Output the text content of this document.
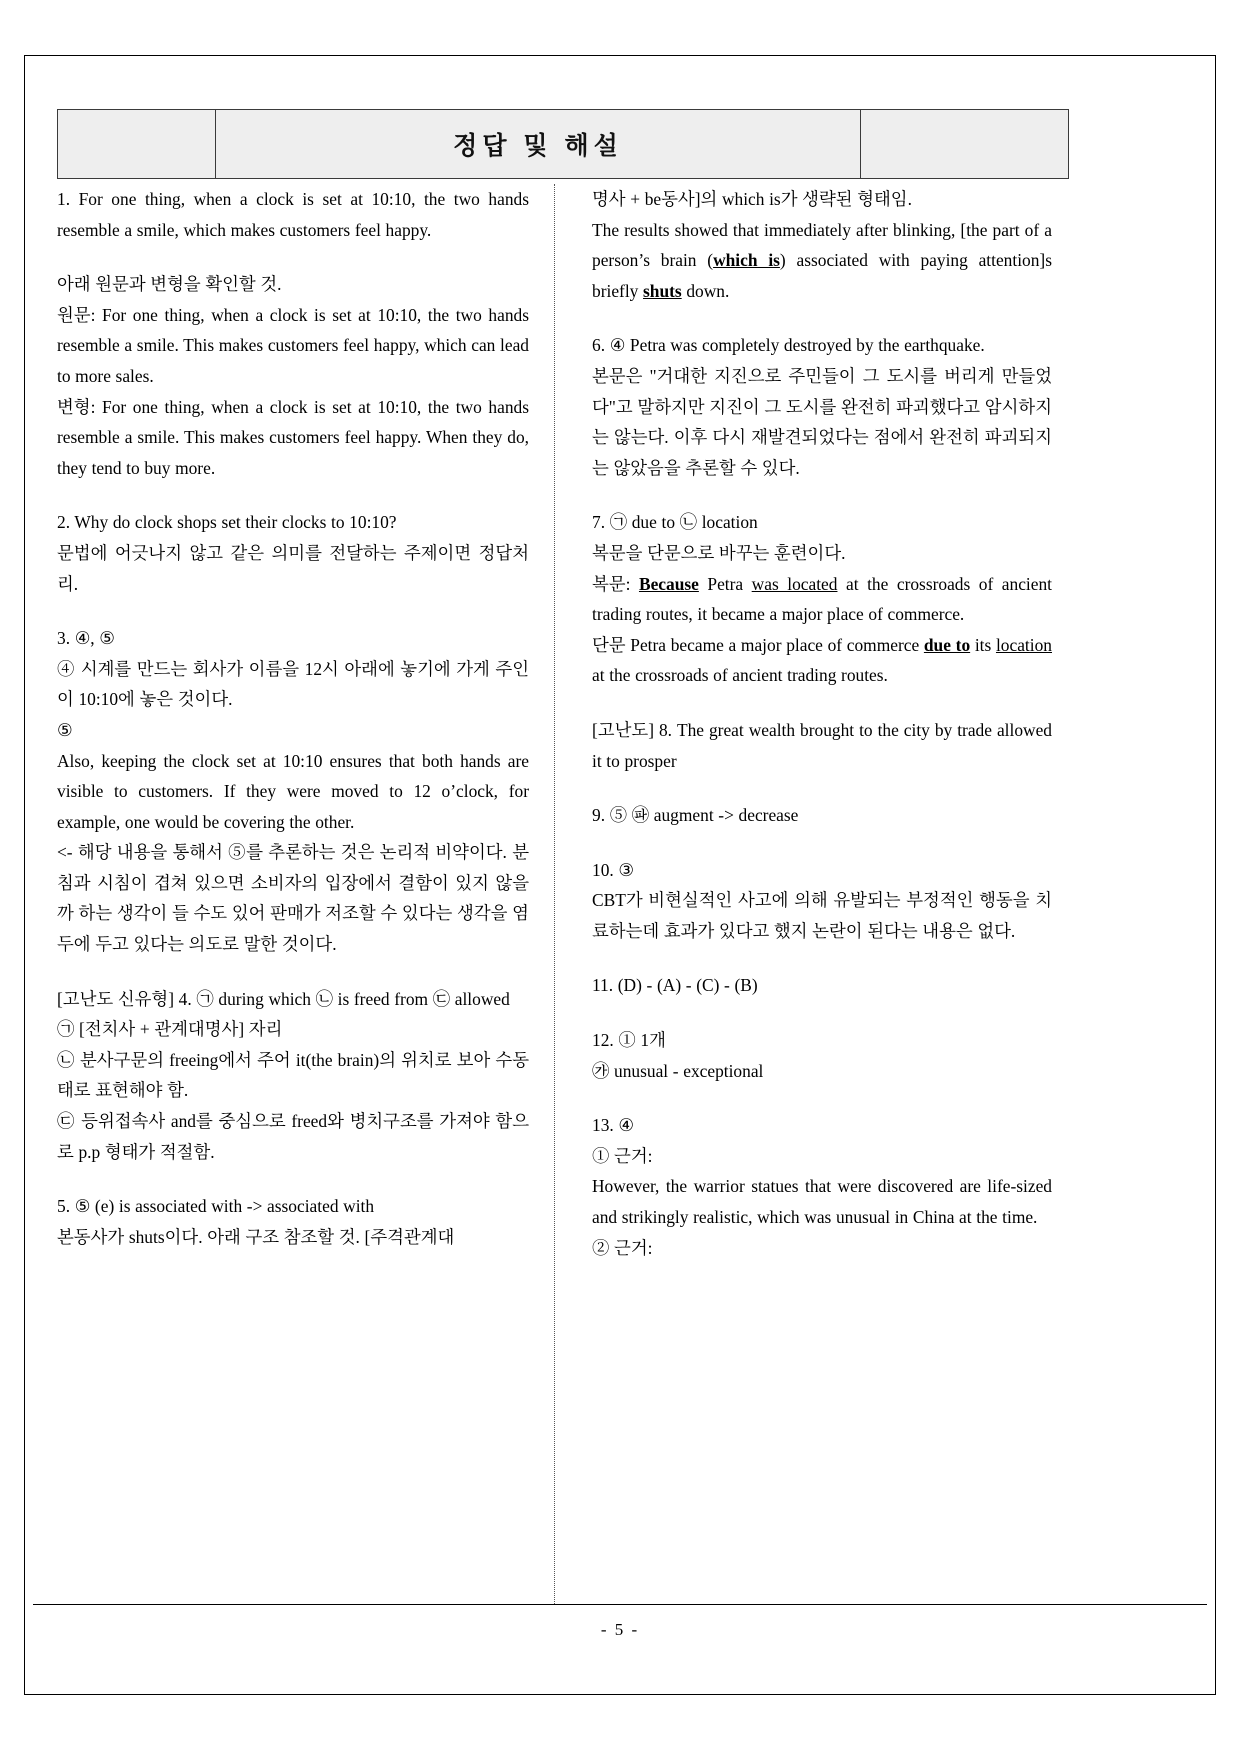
	정답 및 해설	

1. For one thing, when a clock is set at 10:10, the two hands resemble a smile, which makes customers feel happy.

아래 원문과 변형을 확인할 것.

원문: For one thing, when a clock is set at 10:10, the two hands resemble a smile. This makes customers feel happy, which can lead to more sales.

변형: For one thing, when a clock is set at 10:10, the two hands resemble a smile. This makes customers feel happy. When they do, they tend to buy more.

2. Why do clock shops set their clocks to 10:10?

문법에 어긋나지 않고 같은 의미를 전달하는 주제이면 정답처리.

3. ④, ⑤

④ 시계를 만드는 회사가 이름을 12시 아래에 놓기에 가게 주인이 10:10에 놓은 것이다.

⑤

Also, keeping the clock set at 10:10 ensures that both hands are visible to customers. If they were moved to 12 o’clock, for example, one would be covering the other.

<- 해당 내용을 통해서 ⑤를 추론하는 것은 논리적 비약이다. 분침과 시침이 겹쳐 있으면 소비자의 입장에서 결함이 있지 않을까 하는 생각이 들 수도 있어 판매가 저조할 수 있다는 생각을 염두에 두고 있다는 의도로 말한 것이다.

[고난도 신유형] 4. ㉠ during which ㉡ is freed from ㉢ allowed

㉠ [전치사 + 관계대명사] 자리

㉡ 분사구문의 freeing에서 주어 it(the brain)의 위치로 보아 수동태로 표현해야 함.

㉢ 등위접속사 and를 중심으로 freed와 병치구조를 가져야 함으로 p.p 형태가 적절함.

5. ⑤ (e) is associated with -> associated with

본동사가 shuts이다. 아래 구조 참조할 것. [주격관계대

명사 + be동사]의 which is가 생략된 형태임.

The results showed that immediately after blinking, [the part of a person’s brain (which is) associated with paying attention]s briefly shuts down.

6. ④ Petra was completely destroyed by the earthquake.

본문은 "거대한 지진으로 주민들이 그 도시를 버리게 만들었다"고 말하지만 지진이 그 도시를 완전히 파괴했다고 암시하지는 않는다. 이후 다시 재발견되었다는 점에서 완전히 파괴되지는 않았음을 추론할 수 있다.

7. ㉠ due to ㉡ location

복문을 단문으로 바꾸는 훈련이다.

복문: Because Petra was located at the crossroads of ancient trading routes, it became a major place of commerce.

단문 Petra became a major place of commerce due to its location at the crossroads of ancient trading routes.

[고난도] 8. The great wealth brought to the city by trade allowed it to prosper

9. ⑤ ㉺ augment -> decrease

10. ③

CBT가 비현실적인 사고에 의해 유발되는 부정적인 행동을 치료하는데 효과가 있다고 했지 논란이 된다는 내용은 없다.

11. (D) - (A) - (C) - (B)

12. ① 1개

㉮ unusual - exceptional

13. ④

① 근거:

However, the warrior statues that were discovered are life-sized and strikingly realistic, which was unusual in China at the time.

② 근거:

- 5 -
